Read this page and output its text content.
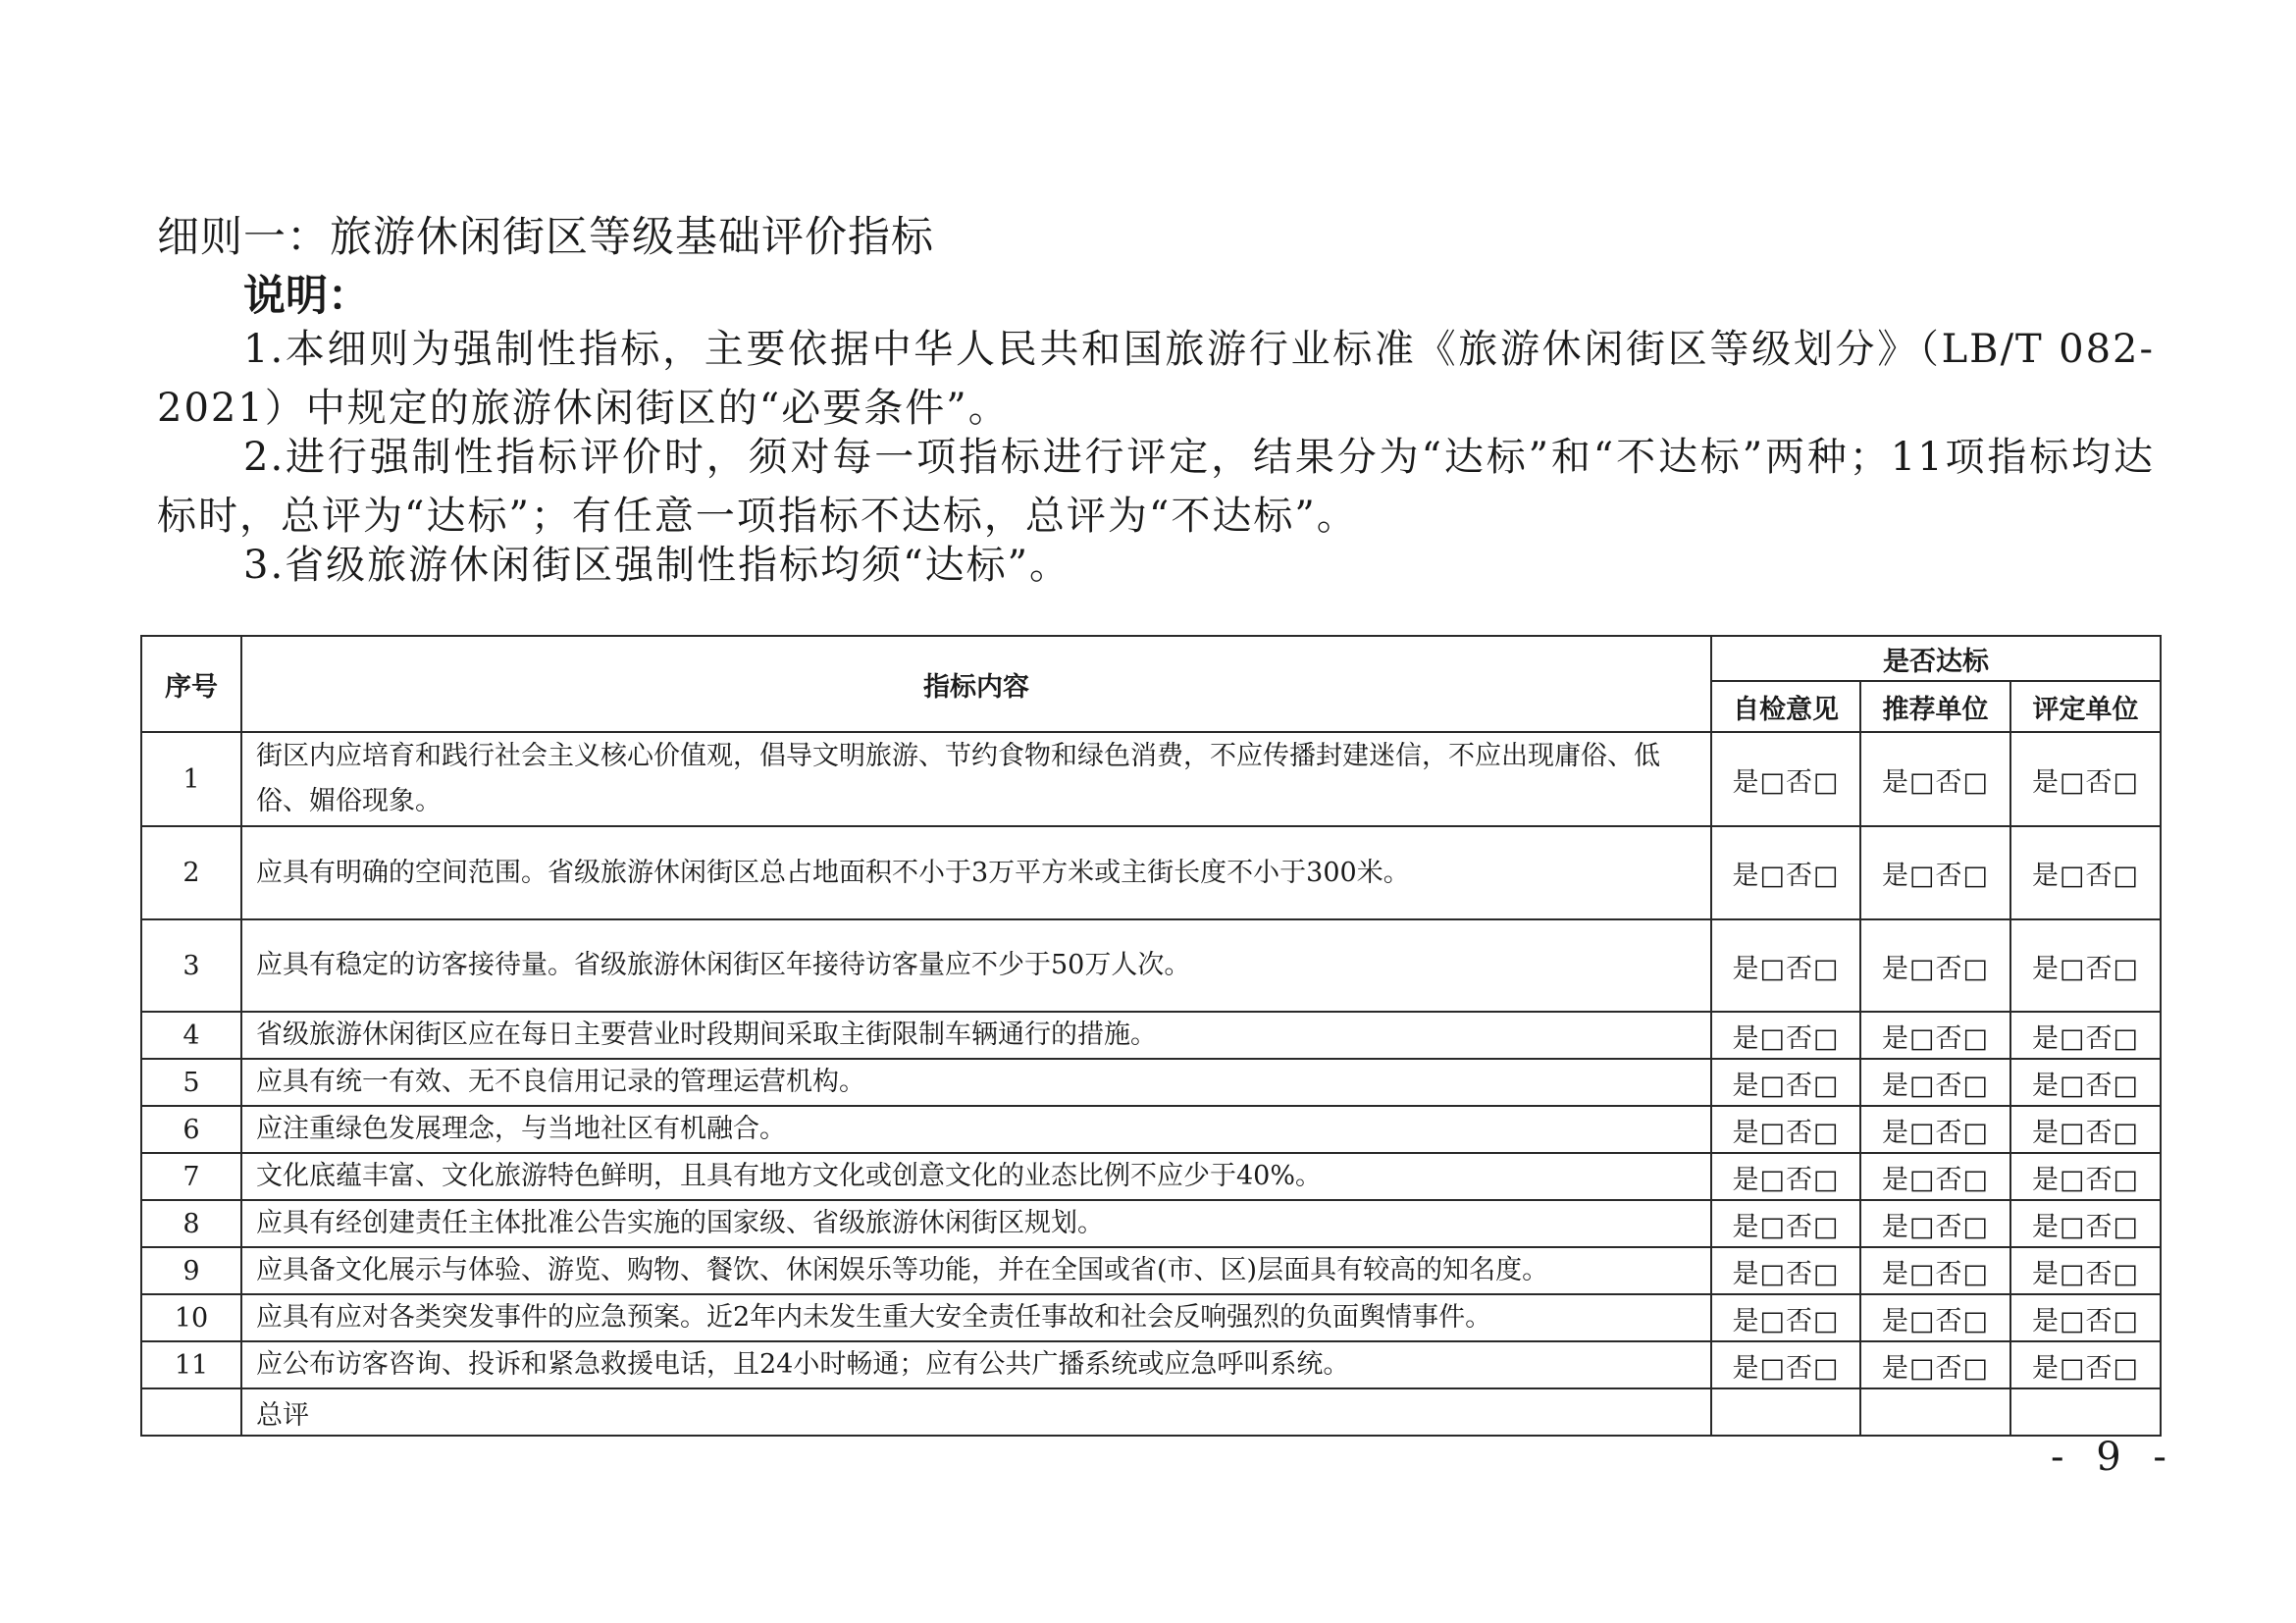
细则一：旅游休闲街区等级基础评价指标
说明：

1.本细则为强制性指标，主要依据中华人民共和国旅游行业标准《旅游休闲街区等级划分》（LB/T 082-2021）中规定的旅游休闲街区的“必要条件”。

2.进行强制性指标评价时，须对每一项指标进行评定，结果分为“达标”和“不达标”两种；11项指标均达标时，总评为“达标”；有任意一项指标不达标，总评为“不达标”。

3.省级旅游休闲街区强制性指标均须“达标”。

序号	指标内容	是否达标		
		自检意见	推荐单位	评定单位
1	街区内应培育和践行社会主义核心价值观，倡导文明旅游、节约食物和绿色消费，不应传播封建迷信，不应出现庸俗、低俗、媚俗现象。	是□否□	是□否□	是□否□
2	应具有明确的空间范围。省级旅游休闲街区总占地面积不小于3万平方米或主街长度不小于300米。	是□否□	是□否□	是□否□
3	应具有稳定的访客接待量。省级旅游休闲街区年接待访客量应不少于50万人次。	是□否□	是□否□	是□否□
4	省级旅游休闲街区应在每日主要营业时段期间采取主街限制车辆通行的措施。	是□否□	是□否□	是□否□
5	应具有统一有效、无不良信用记录的管理运营机构。	是□否□	是□否□	是□否□
6	应注重绿色发展理念，与当地社区有机融合。	是□否□	是□否□	是□否□
7	文化底蕴丰富、文化旅游特色鲜明，且具有地方文化或创意文化的业态比例不应少于40%。	是□否□	是□否□	是□否□
8	应具有经创建责任主体批准公告实施的国家级、省级旅游休闲街区规划。	是□否□	是□否□	是□否□
9	应具备文化展示与体验、游览、购物、餐饮、休闲娱乐等功能，并在全国或省(市、区)层面具有较高的知名度。	是□否□	是□否□	是□否□
10	应具有应对各类突发事件的应急预案。近2年内未发生重大安全责任事故和社会反响强烈的负面舆情事件。	是□否□	是□否□	是□否□
11	应公布访客咨询、投诉和紧急救援电话，且24小时畅通；应有公共广播系统或应急呼叫系统。	是□否□	是□否□	是□否□
	总评			
- 9 -
